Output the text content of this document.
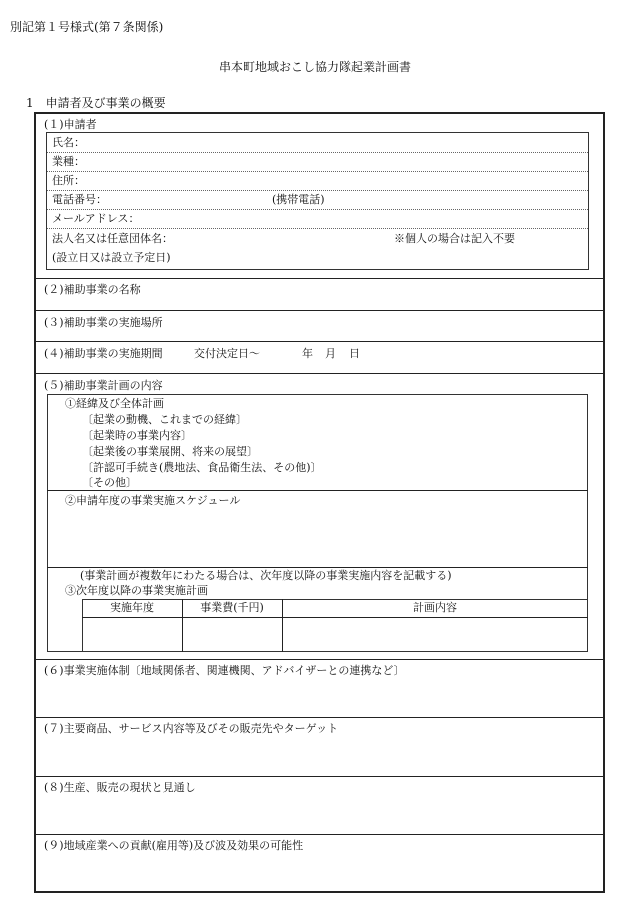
別記第１号様式(第７条関係)
串本町地域おこし協力隊起業計画書
1　申請者及び事業の概要
(１)申請者
氏名：
業種：
住所：
電話番号：	(携帯電話)
メールアドレス：
法人名又は任意団体名：	※個人の場合は記入不要
(設立日又は設立予定日)
(２)補助事業の名称
(３)補助事業の実施場所
(４)補助事業の実施期間	交付決定日～	年 月 日
(５)補助事業計画の内容
①経緯及び全体計画
〔起業の動機、これまでの経緯〕
〔起業時の事業内容〕
〔起業後の事業展開、将来の展望〕
〔許認可手続き(農地法、食品衛生法、その他)〕
〔その他〕
②申請年度の事業実施スケジュール
(事業計画が複数年にわたる場合は、次年度以降の事業実施内容を記載する)
③次年度以降の事業実施計画
実施年度	事業費(千円)	計画内容
(６)事業実施体制〔地域関係者、関連機関、アドバイザーとの連携など〕
(７)主要商品、サービス内容等及びその販売先やターゲット
(８)生産、販売の現状と見通し
(９)地域産業への貢献(雇用等)及び波及効果の可能性
